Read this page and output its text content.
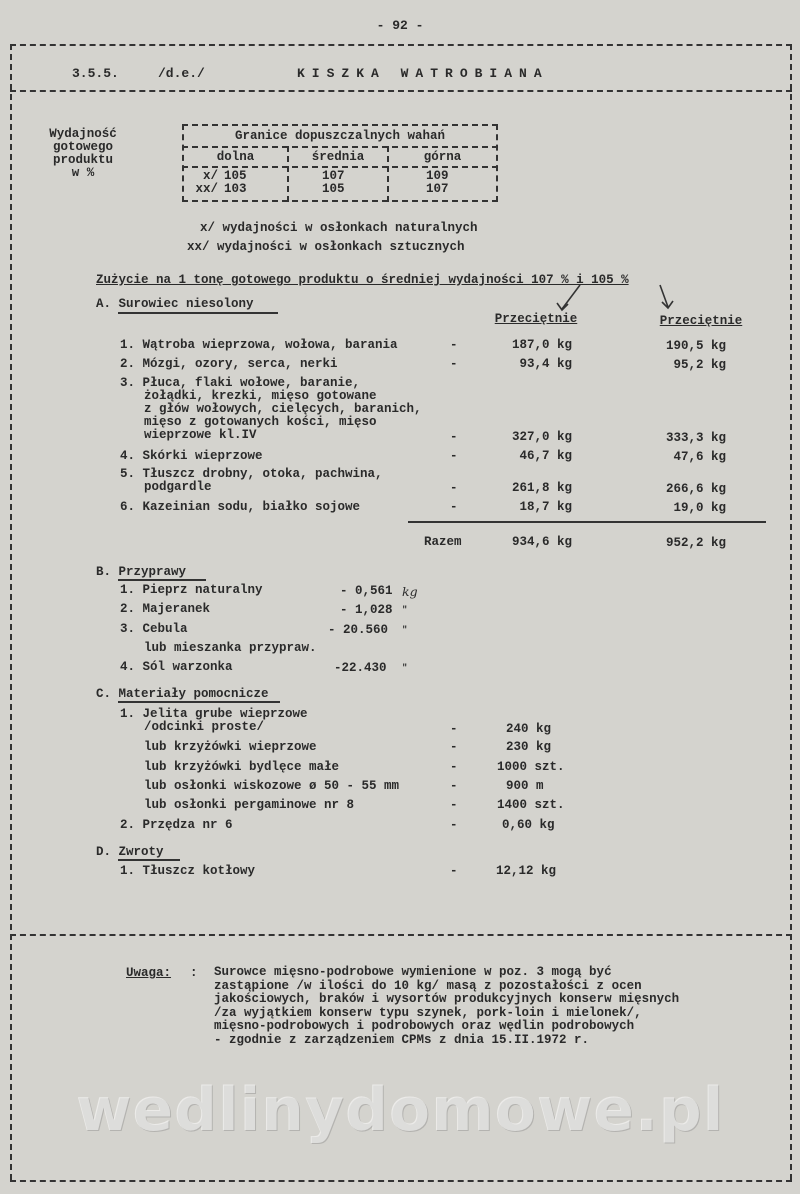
- 92 -
3.5.5.	/d.e./	KISZKA WATROBIANA
Wydajność
gotowego
produktu
w %
Granice dopuszczalnych wahań
dolna	średnia	górna
x/ 105	107	109
xx/ 103	105	107
x/ wydajności w osłonkach naturalnych
xx/ wydajności w osłonkach sztucznych
Zużycie na 1 tonę gotowego produktu o średniej wydajności 107 % i 105 %
A. Surowiec niesolony
Przeciętnie	Przeciętnie
1. Wątroba wieprzowa, wołowa, barania	-	187,0 kg	190,5 kg
2. Mózgi, ozory, serca, nerki	-	93,4 kg	95,2 kg
3. Płuca, flaki wołowe, baranie,
żołądki, krezki, mięso gotowane
z głów wołowych, cielęcych, baranich,
mięso z gotowanych kości, mięso
wieprzowe kl.IV	-	327,0 kg	333,3 kg
4. Skórki wieprzowe	-	46,7 kg	47,6 kg
5. Tłuszcz drobny, otoka, pachwina,
podgardle	-	261,8 kg	266,6 kg
6. Kazeinian sodu, białko sojowe	-	18,7 kg	19,0 kg
Razem	934,6 kg	952,2 kg
B. Przyprawy
1. Pieprz naturalny	- 0,561 kg
2. Majeranek	- 1,028 "
3. Cebula	- 20.560 "
lub mieszanka przypraw.
4. Sól warzonka	-22.430 "
C. Materiały pomocnicze
1. Jelita grube wieprzowe
/odcinki proste/	-	240 kg
lub krzyżówki wieprzowe	-	230 kg
lub krzyżówki bydlęce małe	-	1000 szt.
lub osłonki wiskozowe ø 50 - 55 mm	-	900 m
lub osłonki pergaminowe nr 8	-	1400 szt.
2. Przędza nr 6	-	0,60 kg
D. Zwroty
1. Tłuszcz kotłowy	-	12,12 kg
Uwaga: : Surowce mięsno-podrobowe wymienione w poz. 3 mogą być
zastąpione /w ilości do 10 kg/ masą z pozostałości z ocen
jakościowych, braków i wysortów produkcyjnych konserw mięsnych
/za wyjątkiem konserw typu szynek, pork-loin i mielonek/,
mięsno-podrobowych i podrobowych oraz wędlin podrobowych
- zgodnie z zarządzeniem CPMs z dnia 15.II.1972 r.
wedlinydomowe.pl
